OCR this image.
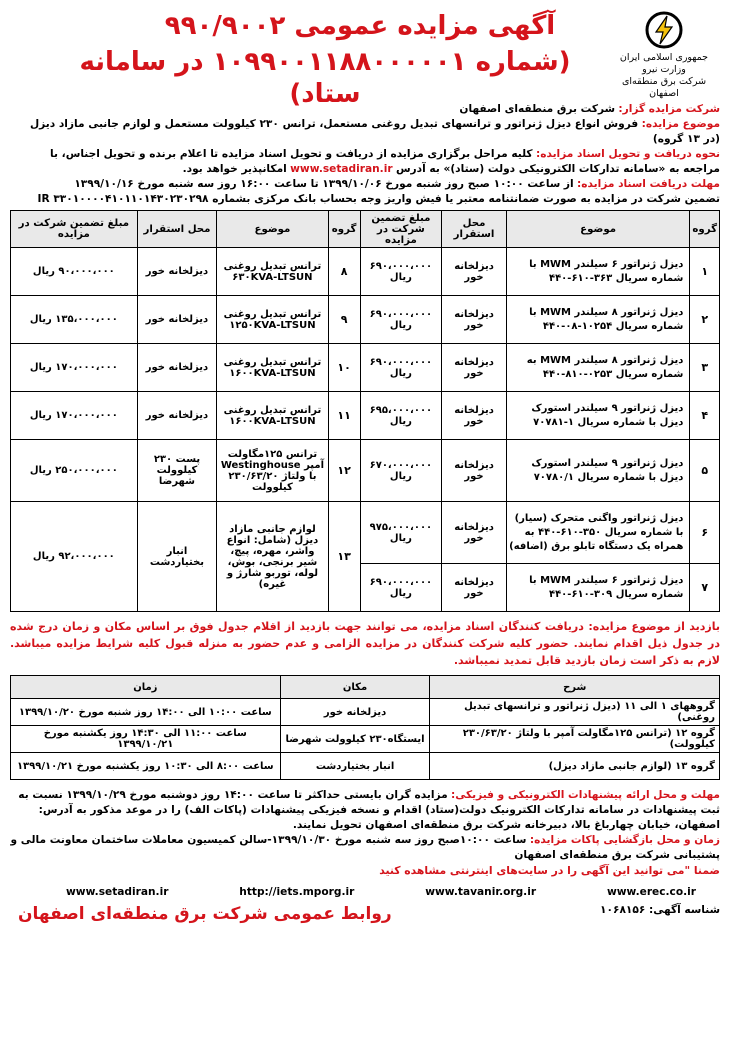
جمهوری اسلامی ایران
وزارت نیرو
شرکت برق منطقه‌ای اصفهان
آگهی مزایده عمومی ۹۹۰/۹۰۰۲
(شماره ۱۰۹۹۰۰۱۱۸۸۰۰۰۰۰۱ در سامانه ستاد)	شرکت مزایده گزار: شرکت برق منطقه‌ای اصفهان

موضوع مزایده: فروش انواع دیزل ژنراتور و ترانسهای تبدیل روغنی مستعمل، ترانس ۲۳۰ کیلوولت مستعمل و لوازم جانبی مازاد دیزل (در ۱۳ گروه)

نحوه دریافت و تحویل اسناد مزایده: کلیه مراحل برگزاری مزایده از دریافت و تحویل اسناد مزایده تا اعلام برنده و تحویل اجناس، با مراجعه به «سامانه تدارکات الکترونیکی دولت (ستاد)» به آدرس www.setadiran.ir امکانپذیر خواهد بود.

مهلت دریافت اسناد مزایده: از ساعت ۱۰:۰۰ صبح روز شنبه مورخ ۱۳۹۹/۱۰/۰۶ تا ساعت ۱۶:۰۰ روز سه شنبه مورخ ۱۳۹۹/۱۰/۱۶

تضمین شرکت در مزایده به صورت ضمانتنامه معتبر یا فیش واریز وجه بحساب بانک مرکزی بشماره IR ۳۳۰۱۰۰۰۰۴۱۰۱۱۰۱۴۳۰۲۳۰۲۹۸

گروه	موضوع	محل استقرار	مبلغ تضمین شرکت در مزایده	گروه	موضوع	محل استقرار	مبلغ تضمین شرکت در مزایده
۱	دیزل ژنراتور ۶ سیلندر MWM با شماره سریال ۳۶۳-۶۱۰-۴۴۰	دیزلخانه خور	۶۹۰،۰۰۰،۰۰۰ ریال	۸	ترانس تبدیل روغنی ۶۳۰KVA-LTSUN	دیزلخانه خور	۹۰،۰۰۰،۰۰۰ ریال
۲	دیزل ژنراتور ۸ سیلندر MWM با شماره سریال ۱۰۲۵۴-۰۸-۴۴۰	دیزلخانه خور	۶۹۰،۰۰۰،۰۰۰ ریال	۹	ترانس تبدیل روغنی ۱۲۵۰KVA-LTSUN	دیزلخانه خور	۱۳۵،۰۰۰،۰۰۰ ریال
۳	دیزل ژنراتور ۸ سیلندر MWM به شماره سریال ۰۲۵۳-۸۱۰-۴۴۰	دیزلخانه خور	۶۹۰،۰۰۰،۰۰۰ ریال	۱۰	ترانس تبدیل روغنی ۱۶۰۰KVA-LTSUN	دیزلخانه خور	۱۷۰،۰۰۰،۰۰۰ ریال
۴	دیزل ژنراتور ۹ سیلندر استورک دیزل با شماره سریال ۱-۷۰۷۸۱	دیزلخانه خور	۶۹۵،۰۰۰،۰۰۰ ریال	۱۱	ترانس تبدیل روغنی ۱۶۰۰KVA-LTSUN	دیزلخانه خور	۱۷۰،۰۰۰،۰۰۰ ریال
۵	دیزل ژنراتور ۹ سیلندر استورک دیزل با شماره سریال ۷۰۷۸۰/۱	دیزلخانه خور	۶۷۰،۰۰۰،۰۰۰ ریال	۱۲	ترانس ۱۲۵مگاولت آمپر Westinghouse با ولتاژ ۲۳۰/۶۳/۲۰ کیلوولت	پست ۲۳۰ کیلوولت شهرضا	۲۵۰،۰۰۰،۰۰۰ ریال
۶	دیزل ژنراتور واگنی متحرک (سیار) با شماره سریال ۳۵۰-۶۱۰-۴۴۰ به همراه یک دستگاه تابلو برق (اضافه)	دیزلخانه خور	۹۷۵،۰۰۰،۰۰۰ ریال	۱۳	لوازم جانبی مازاد دیزل (شامل: انواع واشر، مهره، پیچ، شیر برنجی، بوش، لوله، توربو شارژ و غیره)	انبار بختیاردشت	۹۲،۰۰۰،۰۰۰ ریال
۷	دیزل ژنراتور ۶ سیلندر MWM با شماره سریال ۳۰۹-۶۱۰-۴۴۰	دیزلخانه خور	۶۹۰،۰۰۰،۰۰۰ ریال				
بازدید از موضوع مزایده: دریافت کنندگان اسناد مزایده، می توانند جهت بازدید از اقلام جدول فوق بر اساس مکان و زمان درج شده در جدول ذیل اقدام نمایند. حضور کلیه شرکت کنندگان در مزایده الزامی و عدم حضور به منزله قبول کلیه شرایط مزایده میباشد. لازم به ذکر است زمان بازدید قابل تمدید نمیباشد.
شرح	مکان	زمان
گروههای ۱ الی ۱۱ (دیزل ژنراتور و ترانسهای تبدیل روغنی)	دیزلخانه خور	ساعت ۱۰:۰۰ الی ۱۴:۰۰ روز شنبه مورخ ۱۳۹۹/۱۰/۲۰
گروه ۱۲ (ترانس ۱۲۵مگاولت آمپر با ولتاژ ۲۳۰/۶۳/۲۰ کیلوولت)	ایستگاه۲۳۰ کیلوولت شهرضا	ساعت ۱۱:۰۰ الی ۱۴:۳۰ روز یکشنبه مورخ ۱۳۹۹/۱۰/۲۱
گروه ۱۳ (لوازم جانبی مازاد دیزل)	انبار بختیاردشت	ساعت ۸:۰۰ الی ۱۰:۳۰ روز یکشنبه مورخ ۱۳۹۹/۱۰/۲۱

مهلت و محل ارائه پیشنهادات الکترونیکی و فیزیکی: مزایده گران بایستی حداکثر تا ساعت ۱۴:۰۰ روز دوشنبه مورخ ۱۳۹۹/۱۰/۲۹ نسبت به ثبت پیشنهادات در سامانه تدارکات الکترونیک دولت(ستاد) اقدام و نسخه فیزیکی پیشنهادات (پاکات الف) را در موعد مذکور به آدرس: اصفهان، خیابان چهارباغ بالا، دبیرخانه شرکت برق منطقه‌ای اصفهان تحویل نمایند.

زمان و محل بازگشایی پاکات مزایده: ساعت ۱۰:۰۰صبح روز سه شنبه مورخ ۱۳۹۹/۱۰/۳۰-سالن کمیسیون معاملات ساختمان معاونت مالی و پشتیبانی شرکت برق منطقه‌ای اصفهان

ضمنا "می توانید این آگهی را در سایت‌های اینترنتی مشاهده کنید

www.setadiran.ir	http://iets.mporg.ir	www.tavanir.org.ir	www.erec.co.ir
شناسه آگهی: ۱۰۶۸۱۵۶
روابط عمومی شرکت برق منطقه‌ای اصفهان
